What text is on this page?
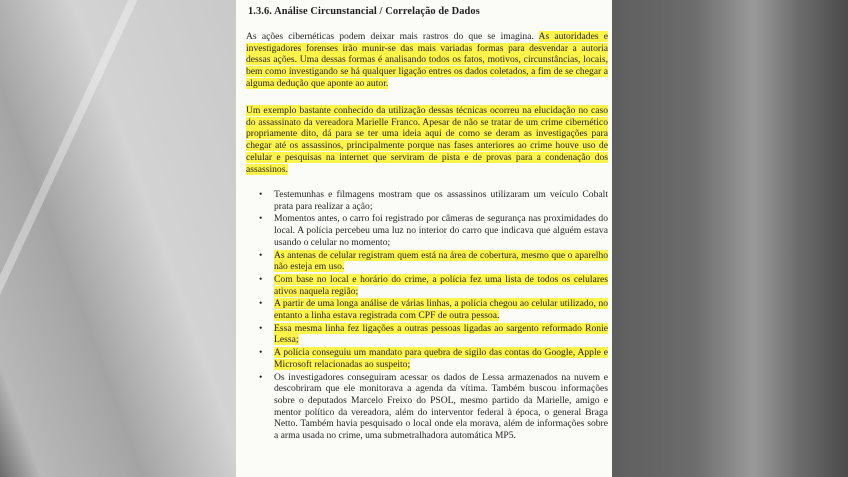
1.3.6. Análise Circunstancial / Correlação de Dados

As ações cibernéticas podem deixar mais rastros do que se imagina. As autoridades e investigadores forenses irão munir-se das mais variadas formas para desvendar a autoria dessas ações. Uma dessas formas é analisando todos os fatos, motivos, circunstâncias, locais, bem como investigando se há qualquer ligação entres os dados coletados, a fim de se chegar a alguma dedução que aponte ao autor.

Um exemplo bastante conhecido da utilização dessas técnicas ocorreu na elucidação no caso do assassinato da vereadora Marielle Franco. Apesar de não se tratar de um crime cibernético propriamente dito, dá para se ter uma ideia aqui de como se deram as investigações para chegar até os assassinos, principalmente porque nas fases anteriores ao crime houve uso de celular e pesquisas na internet que serviram de pista e de provas para a condenação dos assassinos.

• Testemunhas e filmagens mostram que os assassinos utilizaram um veículo Cobalt prata para realizar a ação;
• Momentos antes, o carro foi registrado por câmeras de segurança nas proximidades do local. A polícia percebeu uma luz no interior do carro que indicava que alguém estava usando o celular no momento;
• As antenas de celular registram quem está na área de cobertura, mesmo que o aparelho não esteja em uso.
• Com base no local e horário do crime, a polícia fez uma lista de todos os celulares ativos naquela região;
• A partir de uma longa análise de várias linhas, a polícia chegou ao celular utilizado, no entanto a linha estava registrada com CPF de outra pessoa.
• Essa mesma linha fez ligações a outras pessoas ligadas ao sargento reformado Ronie Lessa;
• A polícia conseguiu um mandato para quebra de sigilo das contas do Google, Apple e Microsoft relacionadas ao suspeito;
• Os investigadores conseguiram acessar os dados de Lessa armazenados na nuvem e descobriram que ele monitorava a agenda da vítima. Também buscou informações sobre o deputados Marcelo Freixo do PSOL, mesmo partido da Marielle, amigo e mentor político da vereadora, além do interventor federal à época, o general Braga Netto. Também havia pesquisado o local onde ela morava, além de informações sobre a arma usada no crime, uma submetralhadora automática MP5.
